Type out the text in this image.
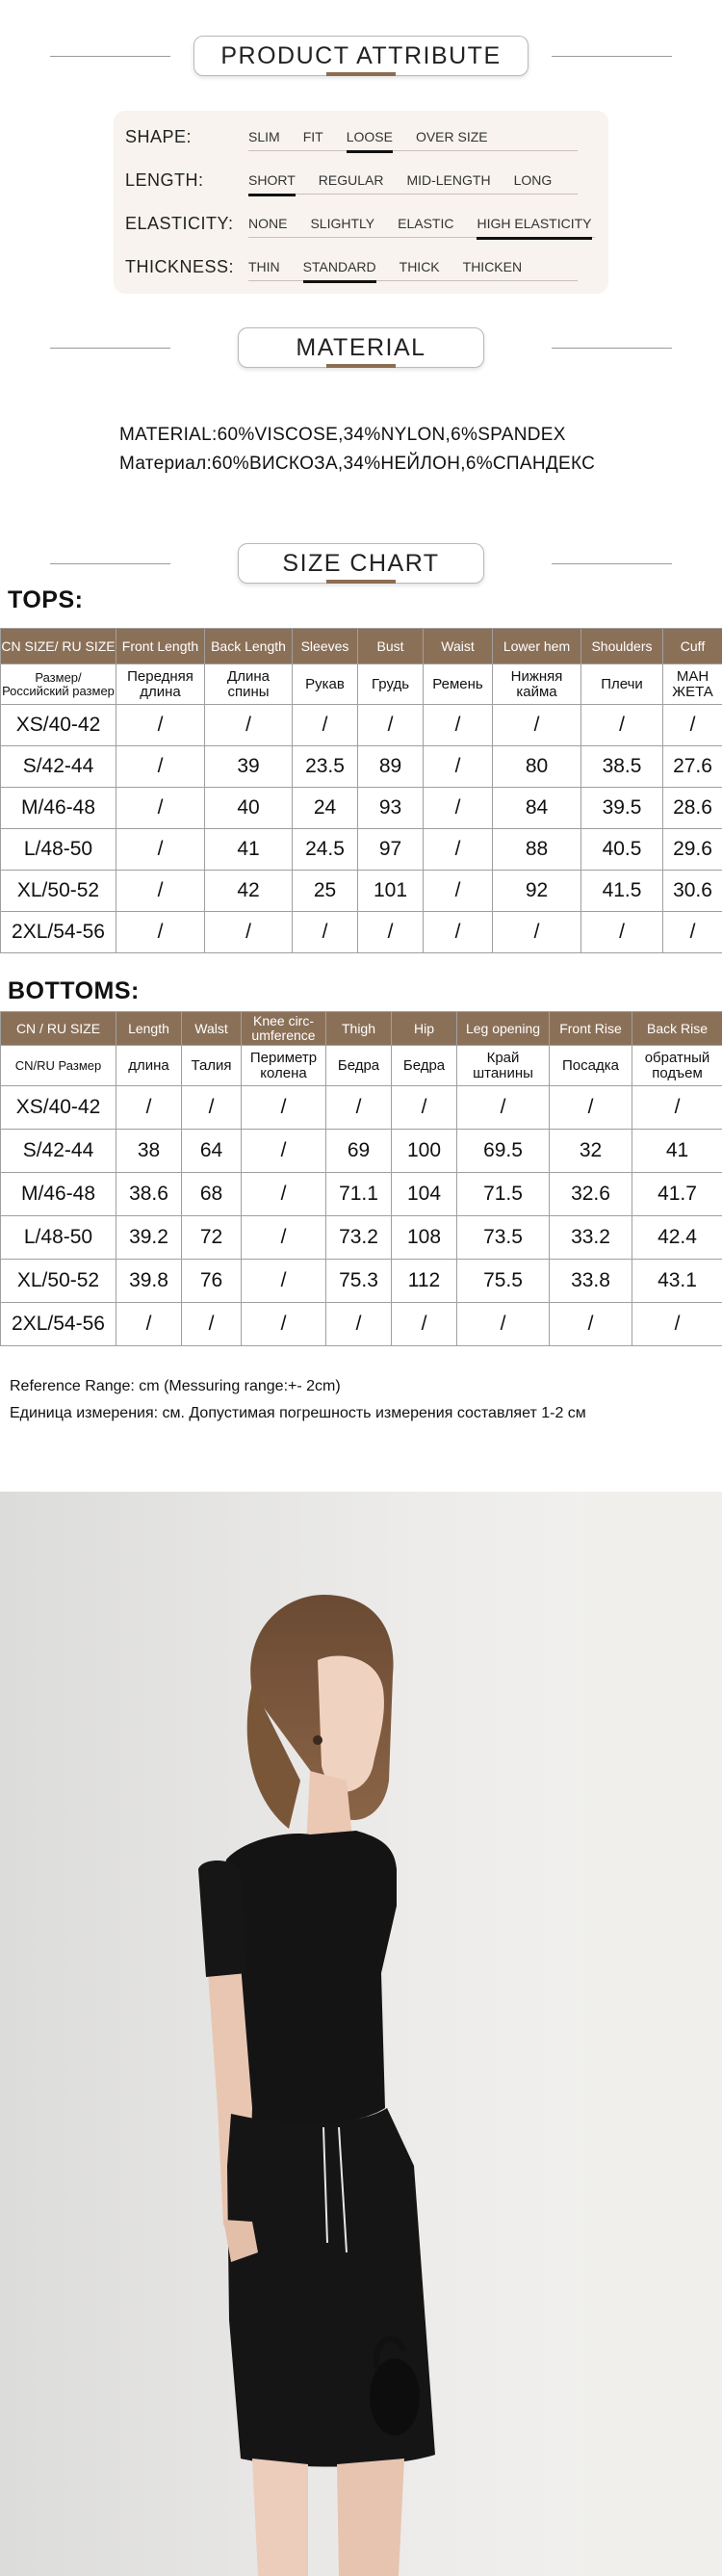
PRODUCT ATTRIBUTE
SHAPE:	SLIM FIT LOOSE OVER SIZE
LENGTH:	SHORT REGULAR MID-LENGTH LONG
ELASTICITY:	NONE SLIGHTLY ELASTIC HIGH ELASTICITY
THICKNESS:	THIN STANDARD THICK THICKEN
MATERIAL
MATERIAL:60%VISCOSE,34%NYLON,6%SPANDEX
Материал:60%ВИСКОЗА,34%НЕЙЛОН,6%СПАНДЕКС
SIZE CHART
TOPS:
CN SIZE/ RU SIZE	Front Length	Back Length	Sleeves	Bust	Waist	Lower hem	Shoulders	Cuff
Размер/ Российский размер	Передняя длина	Длина спины	Рукав	Грудь	Ремень	Нижняя кайма	Плечи	МАН ЖЕТА
XS/40-42	/	/	/	/	/	/	/	/
S/42-44	/	39	23.5	89	/	80	38.5	27.6
M/46-48	/	40	24	93	/	84	39.5	28.6
L/48-50	/	41	24.5	97	/	88	40.5	29.6
XL/50-52	/	42	25	101	/	92	41.5	30.6
2XL/54-56	/	/	/	/	/	/	/	/
BOTTOMS:
CN / RU SIZE	Length	Walst	Knee circ- umference	Thigh	Hip	Leg opening	Front Rise	Back Rise
CN/RU Размер	длина	Талия	Периметр колена	Бедра	Бедра	Край штанины	Посадка	обратный подъем
XS/40-42	/	/	/	/	/	/	/	/
S/42-44	38	64	/	69	100	69.5	32	41
M/46-48	38.6	68	/	71.1	104	71.5	32.6	41.7
L/48-50	39.2	72	/	73.2	108	73.5	33.2	42.4
XL/50-52	39.8	76	/	75.3	112	75.5	33.8	43.1
2XL/54-56	/	/	/	/	/	/	/	/
Reference Range: cm (Messuring range:+- 2cm)
Единица измерения: см. Допустимая погрешность измерения составляет 1-2 см
